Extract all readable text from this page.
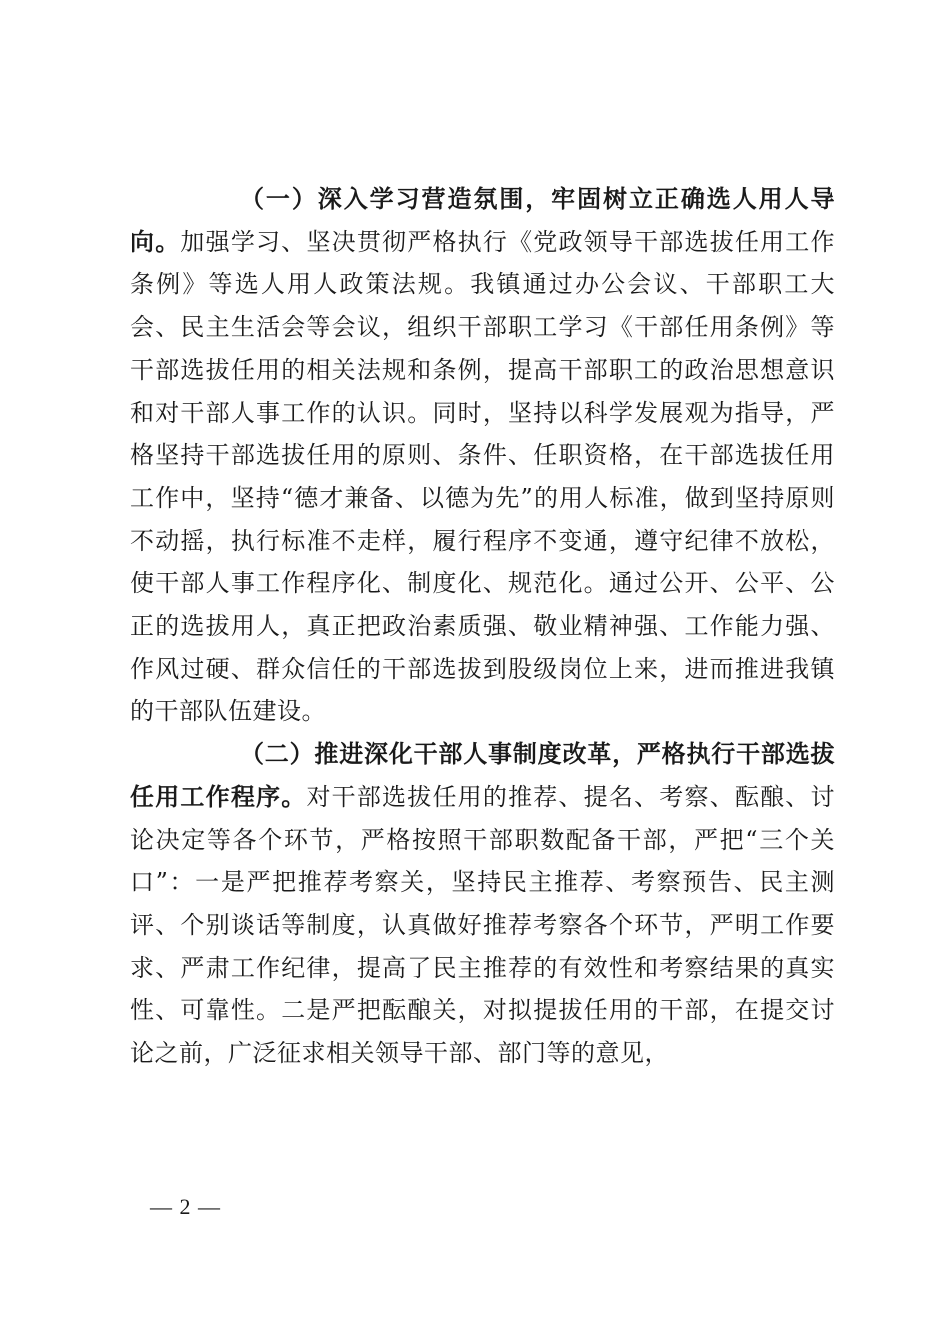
（一）深入学习营造氛围，牢固树立正确选人用人导向。加强学习、坚决贯彻严格执行《党政领导干部选拔任用工作条例》等选人用人政策法规。我镇通过办公会议、干部职工大会、民主生活会等会议，组织干部职工学习《干部任用条例》等干部选拔任用的相关法规和条例，提高干部职工的政治思想意识和对干部人事工作的认识。同时，坚持以科学发展观为指导，严格坚持干部选拔任用的原则、条件、任职资格，在干部选拔任用工作中，坚持“德才兼备、以德为先”的用人标准，做到坚持原则不动摇，执行标准不走样，履行程序不变通，遵守纪律不放松，使干部人事工作程序化、制度化、规范化。通过公开、公平、公正的选拔用人，真正把政治素质强、敬业精神强、工作能力强、作风过硬、群众信任的干部选拔到股级岗位上来，进而推进我镇的干部队伍建设。

（二）推进深化干部人事制度改革，严格执行干部选拔任用工作程序。对干部选拔任用的推荐、提名、考察、酝酿、讨论决定等各个环节，严格按照干部职数配备干部，严把“三个关口”：一是严把推荐考察关，坚持民主推荐、考察预告、民主测评、个别谈话等制度，认真做好推荐考察各个环节，严明工作要求、严肃工作纪律，提高了民主推荐的有效性和考察结果的真实性、可靠性。二是严把酝酿关，对拟提拔任用的干部，在提交讨论之前，广泛征求相关领导干部、部门等的意见，

— 2 —
